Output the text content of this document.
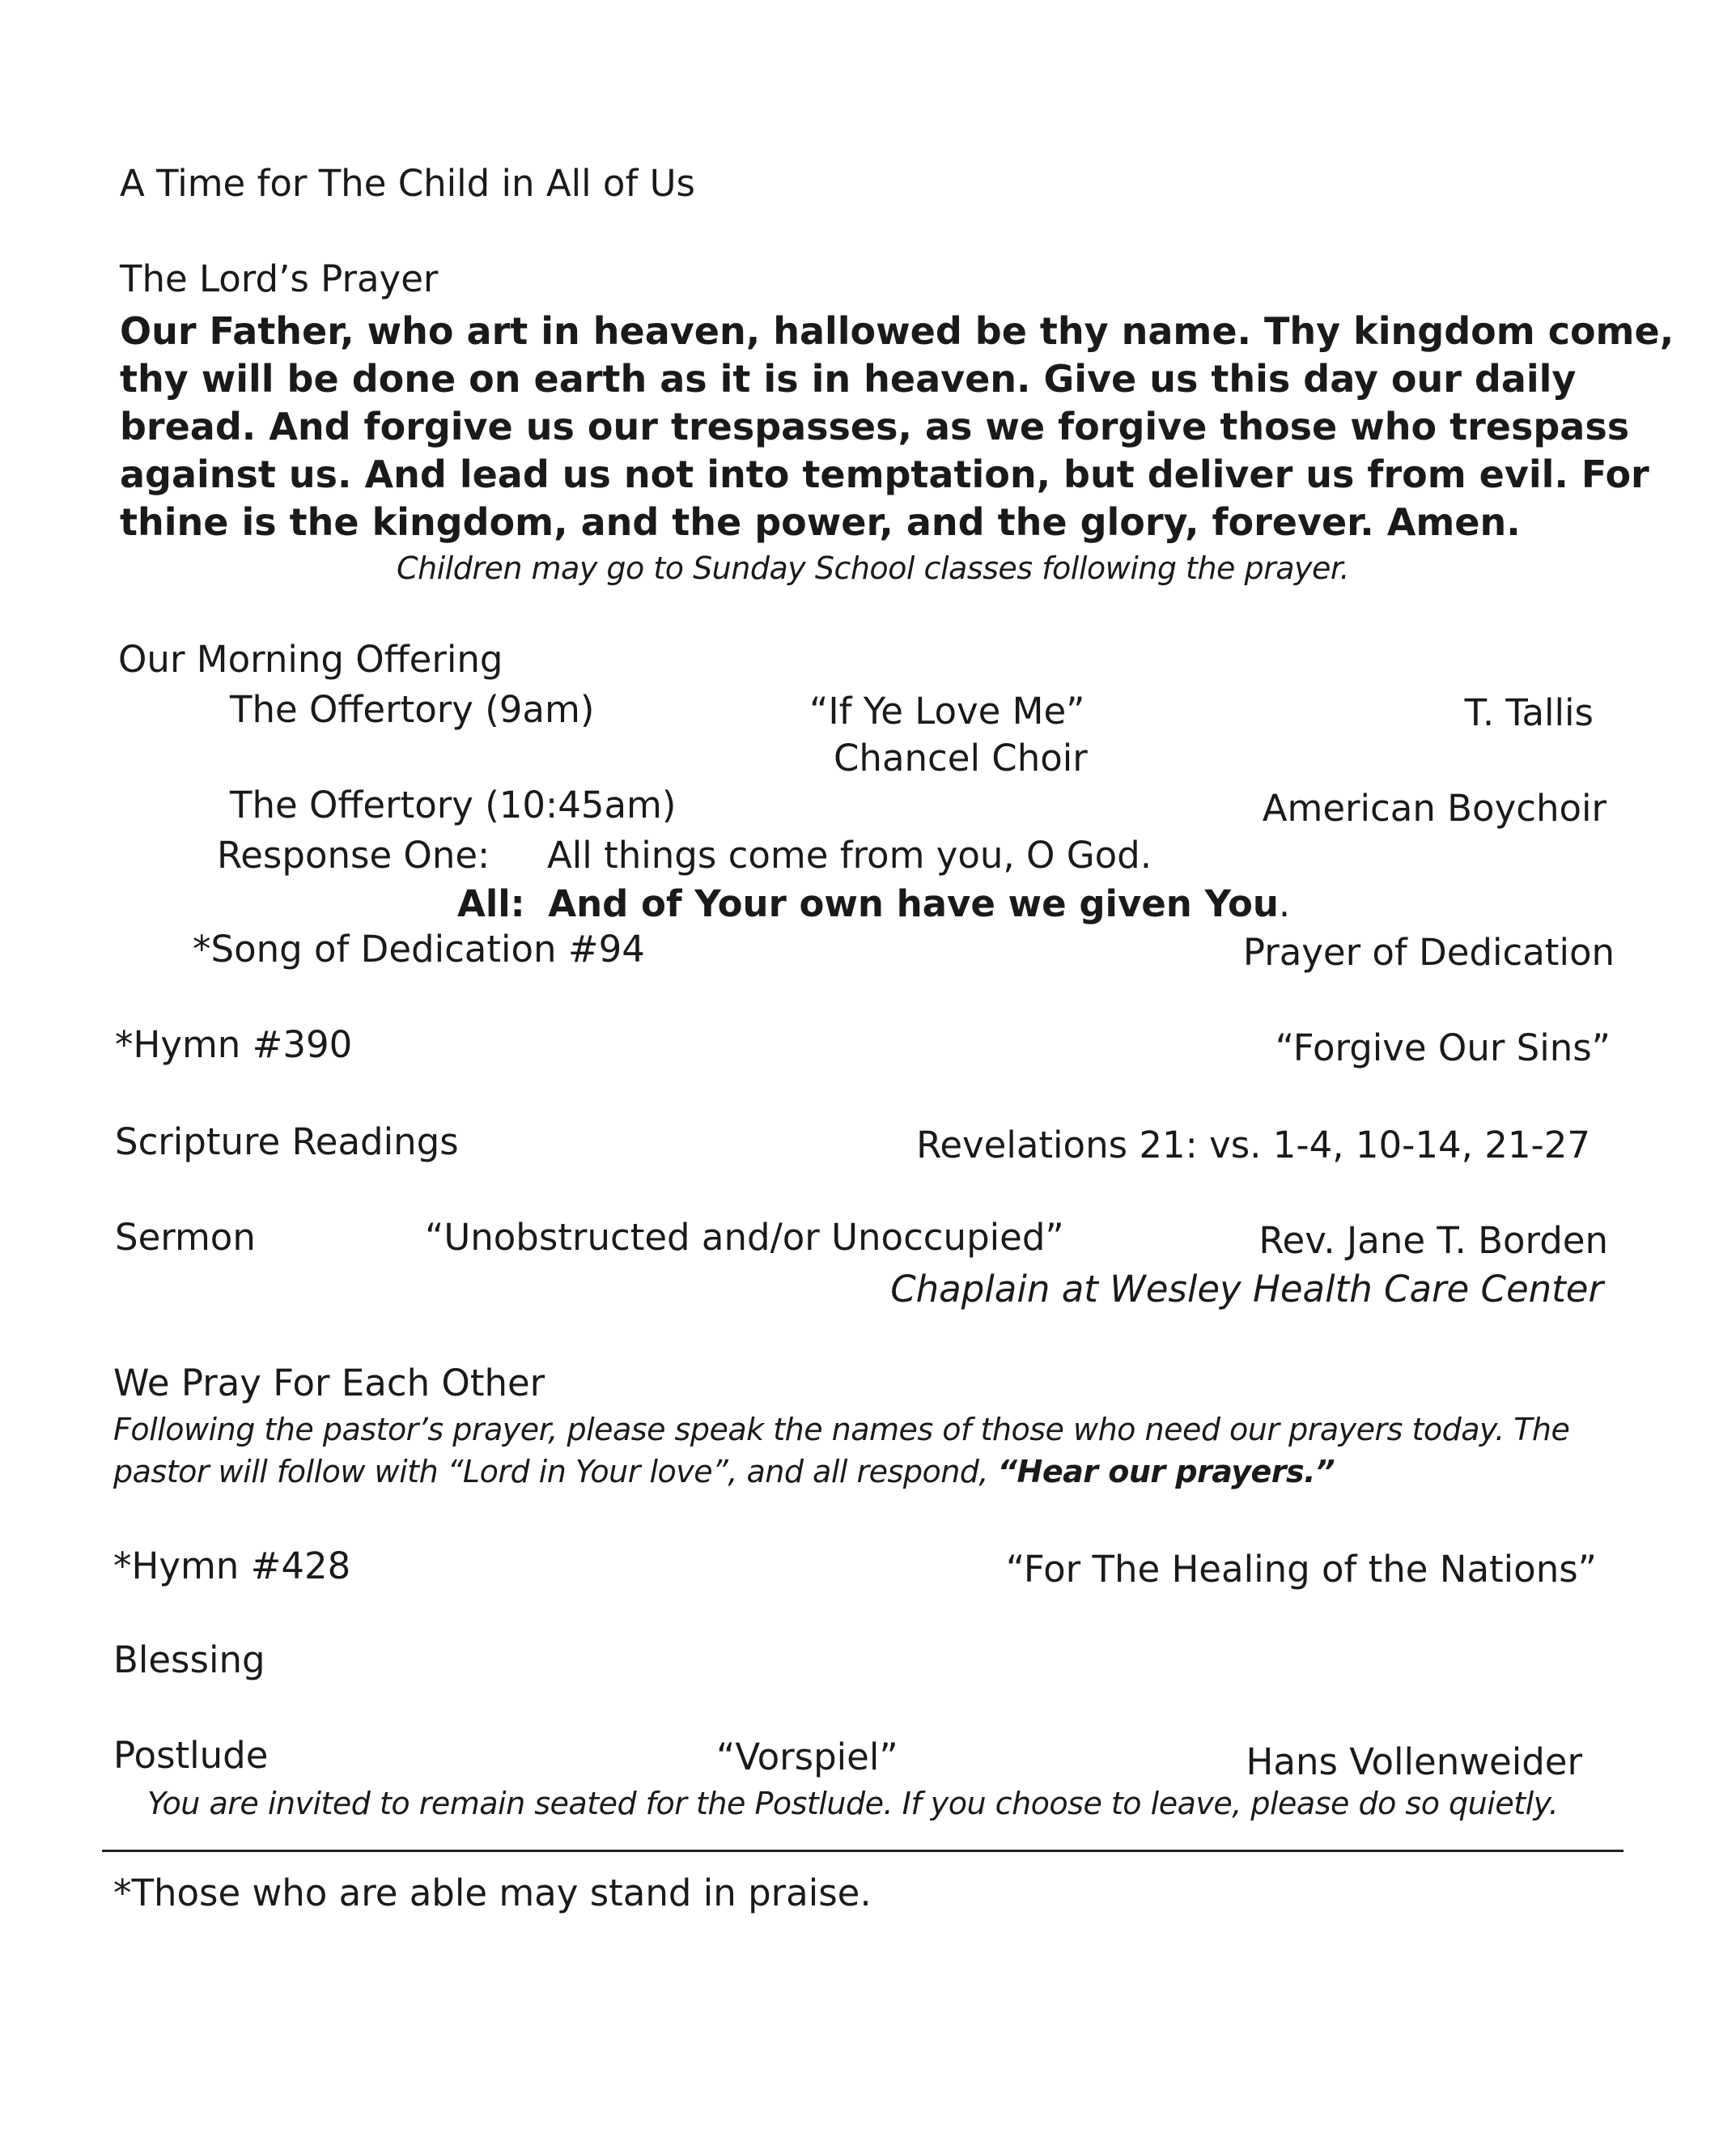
A Time for The Child in All of Us
The Lord’s Prayer
Our Father, who art in heaven, hallowed be thy name. Thy kingdom come,
thy will be done on earth as it is in heaven. Give us this day our daily
bread. And forgive us our trespasses, as we forgive those who trespass
against us. And lead us not into temptation, but deliver us from evil. For
thine is the kingdom, and the power, and the glory, forever. Amen.
Children may go to Sunday School classes following the prayer.
Our Morning Offering
The Offertory (9am)	“If Ye Love Me”	T. Tallis
Chancel Choir
The Offertory (10:45am)	American Boychoir
Response One: All things come from you, O God.
All: And of Your own have we given You.
*Song of Dedication #94	Prayer of Dedication
*Hymn #390	“Forgive Our Sins”
Scripture Readings	Revelations 21: vs. 1-4, 10-14, 21-27
Sermon	“Unobstructed and/or Unoccupied”	Rev. Jane T. Borden
Chaplain at Wesley Health Care Center
We Pray For Each Other
Following the pastor’s prayer, please speak the names of those who need our prayers today. The
pastor will follow with “Lord in Your love”, and all respond, “Hear our prayers.”
*Hymn #428	“For The Healing of the Nations”
Blessing
Postlude	“Vorspiel”	Hans Vollenweider
You are invited to remain seated for the Postlude. If you choose to leave, please do so quietly.
*Those who are able may stand in praise.
